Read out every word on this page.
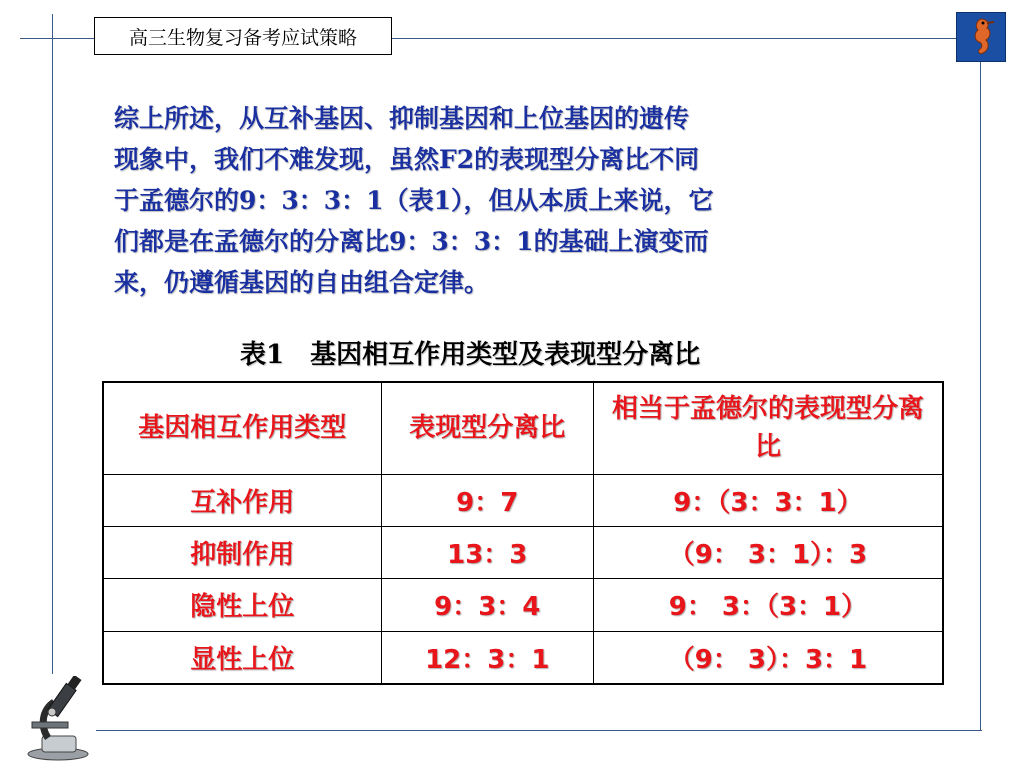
高三生物复习备考应试策略
综上所述，从互补基因、抑制基因和上位基因的遗传
现象中，我们不难发现，虽然F2的表现型分离比不同
于孟德尔的9：3：3：1（表1），但从本质上来说，它
们都是在孟德尔的分离比9：3：3：1的基础上演变而
来，仍遵循基因的自由组合定律。
表1　基因相互作用类型及表现型分离比
基因相互作用类型	表现型分离比	相当于孟德尔的表现型分离比
互补作用	9：7	9：（3：3：1）
抑制作用	13：3	（9： 3：1）：3
隐性上位	9：3：4	9： 3：（3：1）
显性上位	12：3：1	（9： 3）：3：1
